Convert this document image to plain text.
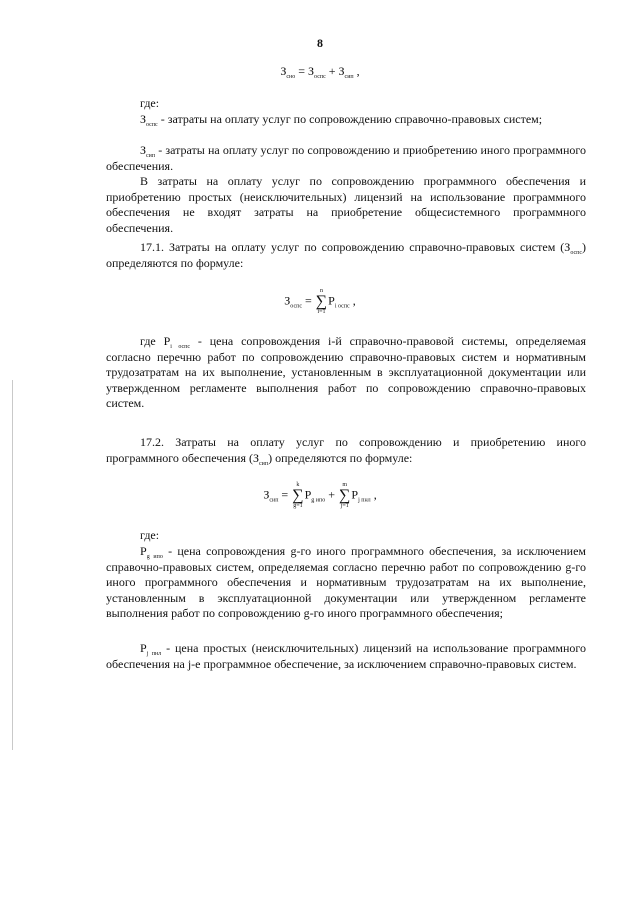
8
$З_{сно} = З_{оспс} + З_{сип}$ ,

где:

$З_{оспс}$ - затраты на оплату услуг по сопровождению справочно-правовых систем;

$З_{сип}$ - затраты на оплату услуг по сопровождению и приобретению иного программного обеспечения.

В затраты на оплату услуг по сопровождению программного обеспечения и приобретению простых (неисключительных) лицензий на использование программного обеспечения не входят затраты на приобретение общесистемного программного обеспечения.

17.1. Затраты на оплату услуг по сопровождению справочно-правовых систем $(З_{оспс})$ определяются по формуле:

$З_{оспс}$ =
n
∑
i=1
$P_{i оспс}$ ,

где $P_{i оспс}$ - цена сопровождения i-й справочно-правовой системы, определяемая согласно перечню работ по сопровождению справочно-правовых систем и нормативным трудозатратам на их выполнение, установленным в эксплуатационной документации или утвержденном регламенте выполнения работ по сопровождению справочно-правовых систем.

17.2. Затраты на оплату услуг по сопровождению и приобретению иного программного обеспечения $(З_{сип})$ определяются по формуле:

$З_{сип}$ =
k
∑
g=1
$P_{g ипо}$ +
m
∑
j=1
$P_{j пнл}$ ,

где:

$P_{g ипо}$ - цена сопровождения g-го иного программного обеспечения, за исключением справочно-правовых систем, определяемая согласно перечню работ по сопровождению g-го иного программного обеспечения и нормативным трудозатратам на их выполнение, установленным в эксплуатационной документации или утвержденном регламенте выполнения работ по сопровождению g-го иного программного обеспечения;

$P_{j пнл}$ - цена простых (неисключительных) лицензий на использование программного обеспечения на j-е программное обеспечение, за исключением справочно-правовых систем.
